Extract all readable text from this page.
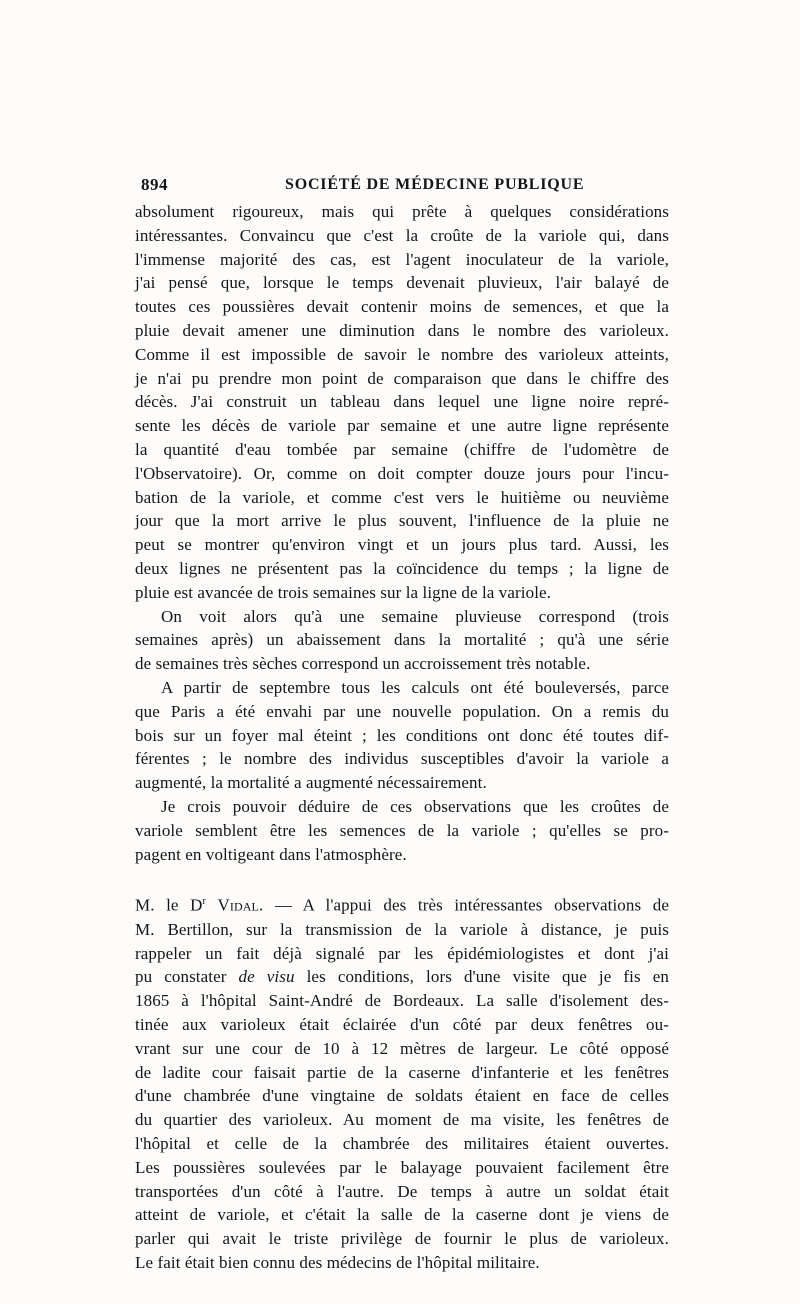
894	SOCIÉTÉ DE MÉDECINE PUBLIQUE

absolument rigoureux, mais qui prête à quelques considérations
intéressantes. Convaincu que c'est la croûte de la variole qui, dans
l'immense majorité des cas, est l'agent inoculateur de la variole,
j'ai pensé que, lorsque le temps devenait pluvieux, l'air balayé de
toutes ces poussières devait contenir moins de semences, et que la
pluie devait amener une diminution dans le nombre des varioleux.
Comme il est impossible de savoir le nombre des varioleux atteints,
je n'ai pu prendre mon point de comparaison que dans le chiffre des
décès. J'ai construit un tableau dans lequel une ligne noire repré-
sente les décès de variole par semaine et une autre ligne représente
la quantité d'eau tombée par semaine (chiffre de l'udomètre de
l'Observatoire). Or, comme on doit compter douze jours pour l'incu-
bation de la variole, et comme c'est vers le huitième ou neuvième
jour que la mort arrive le plus souvent, l'influence de la pluie ne
peut se montrer qu'environ vingt et un jours plus tard. Aussi, les
deux lignes ne présentent pas la coïncidence du temps ; la ligne de
pluie est avancée de trois semaines sur la ligne de la variole.

On voit alors qu'à une semaine pluvieuse correspond (trois
semaines après) un abaissement dans la mortalité ; qu'à une série
de semaines très sèches correspond un accroissement très notable.

A partir de septembre tous les calculs ont été bouleversés, parce
que Paris a été envahi par une nouvelle population. On a remis du
bois sur un foyer mal éteint ; les conditions ont donc été toutes dif-
férentes ; le nombre des individus susceptibles d'avoir la variole a
augmenté, la mortalité a augmenté nécessairement.

Je crois pouvoir déduire de ces observations que les croûtes de
variole semblent être les semences de la variole ; qu'elles se pro-
pagent en voltigeant dans l'atmosphère.

M. le $D^r$ Vidal. — A l'appui des très intéressantes observations de
M. Bertillon, sur la transmission de la variole à distance, je puis
rappeler un fait déjà signalé par les épidémiologistes et dont j'ai
pu constater de visu les conditions, lors d'une visite que je fis en
1865 à l'hôpital Saint-André de Bordeaux. La salle d'isolement des-
tinée aux varioleux était éclairée d'un côté par deux fenêtres ou-
vrant sur une cour de 10 à 12 mètres de largeur. Le côté opposé
de ladite cour faisait partie de la caserne d'infanterie et les fenêtres
d'une chambrée d'une vingtaine de soldats étaient en face de celles
du quartier des varioleux. Au moment de ma visite, les fenêtres de
l'hôpital et celle de la chambrée des militaires étaient ouvertes.
Les poussières soulevées par le balayage pouvaient facilement être
transportées d'un côté à l'autre. De temps à autre un soldat était
atteint de variole, et c'était la salle de la caserne dont je viens de
parler qui avait le triste privilège de fournir le plus de varioleux.
Le fait était bien connu des médecins de l'hôpital militaire.
